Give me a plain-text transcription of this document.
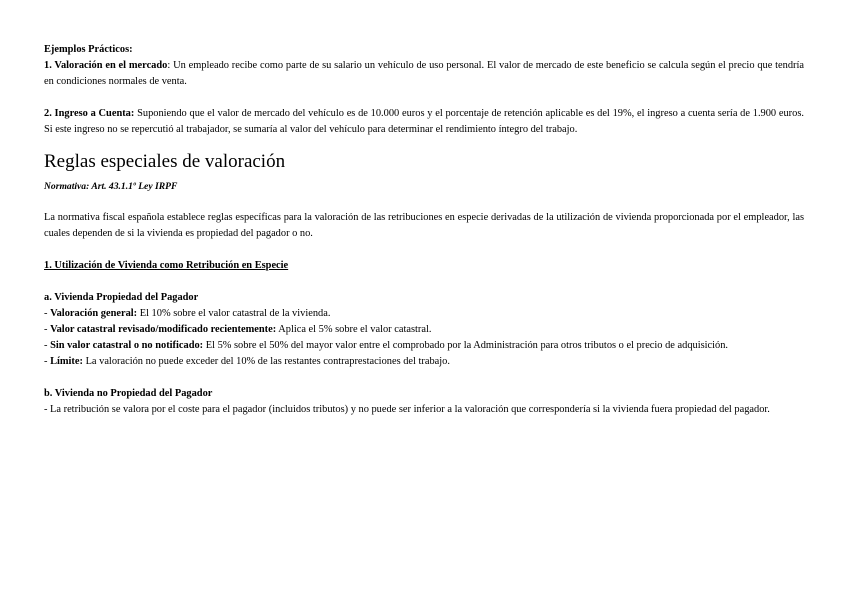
Ejemplos Prácticos:

1. Valoración en el mercado: Un empleado recibe como parte de su salario un vehículo de uso personal. El valor de mercado de este beneficio se calcula según el precio que tendría en condiciones normales de venta.

2. Ingreso a Cuenta: Suponiendo que el valor de mercado del vehículo es de 10.000 euros y el porcentaje de retención aplicable es del 19%, el ingreso a cuenta sería de 1.900 euros. Si este ingreso no se repercutió al trabajador, se sumaría al valor del vehículo para determinar el rendimiento íntegro del trabajo.

Reglas especiales de valoración

Normativa: Art. 43.1.1º Ley IRPF

La normativa fiscal española establece reglas específicas para la valoración de las retribuciones en especie derivadas de la utilización de vivienda proporcionada por el empleador, las cuales dependen de si la vivienda es propiedad del pagador o no.

1. Utilización de Vivienda como Retribución en Especie

a. Vivienda Propiedad del Pagador

- Valoración general: El 10% sobre el valor catastral de la vivienda.

- Valor catastral revisado/modificado recientemente: Aplica el 5% sobre el valor catastral.

- Sin valor catastral o no notificado: El 5% sobre el 50% del mayor valor entre el comprobado por la Administración para otros tributos o el precio de adquisición.

- Límite: La valoración no puede exceder del 10% de las restantes contraprestaciones del trabajo.

b. Vivienda no Propiedad del Pagador

- La retribución se valora por el coste para el pagador (incluidos tributos) y no puede ser inferior a la valoración que correspondería si la vivienda fuera propiedad del pagador.
